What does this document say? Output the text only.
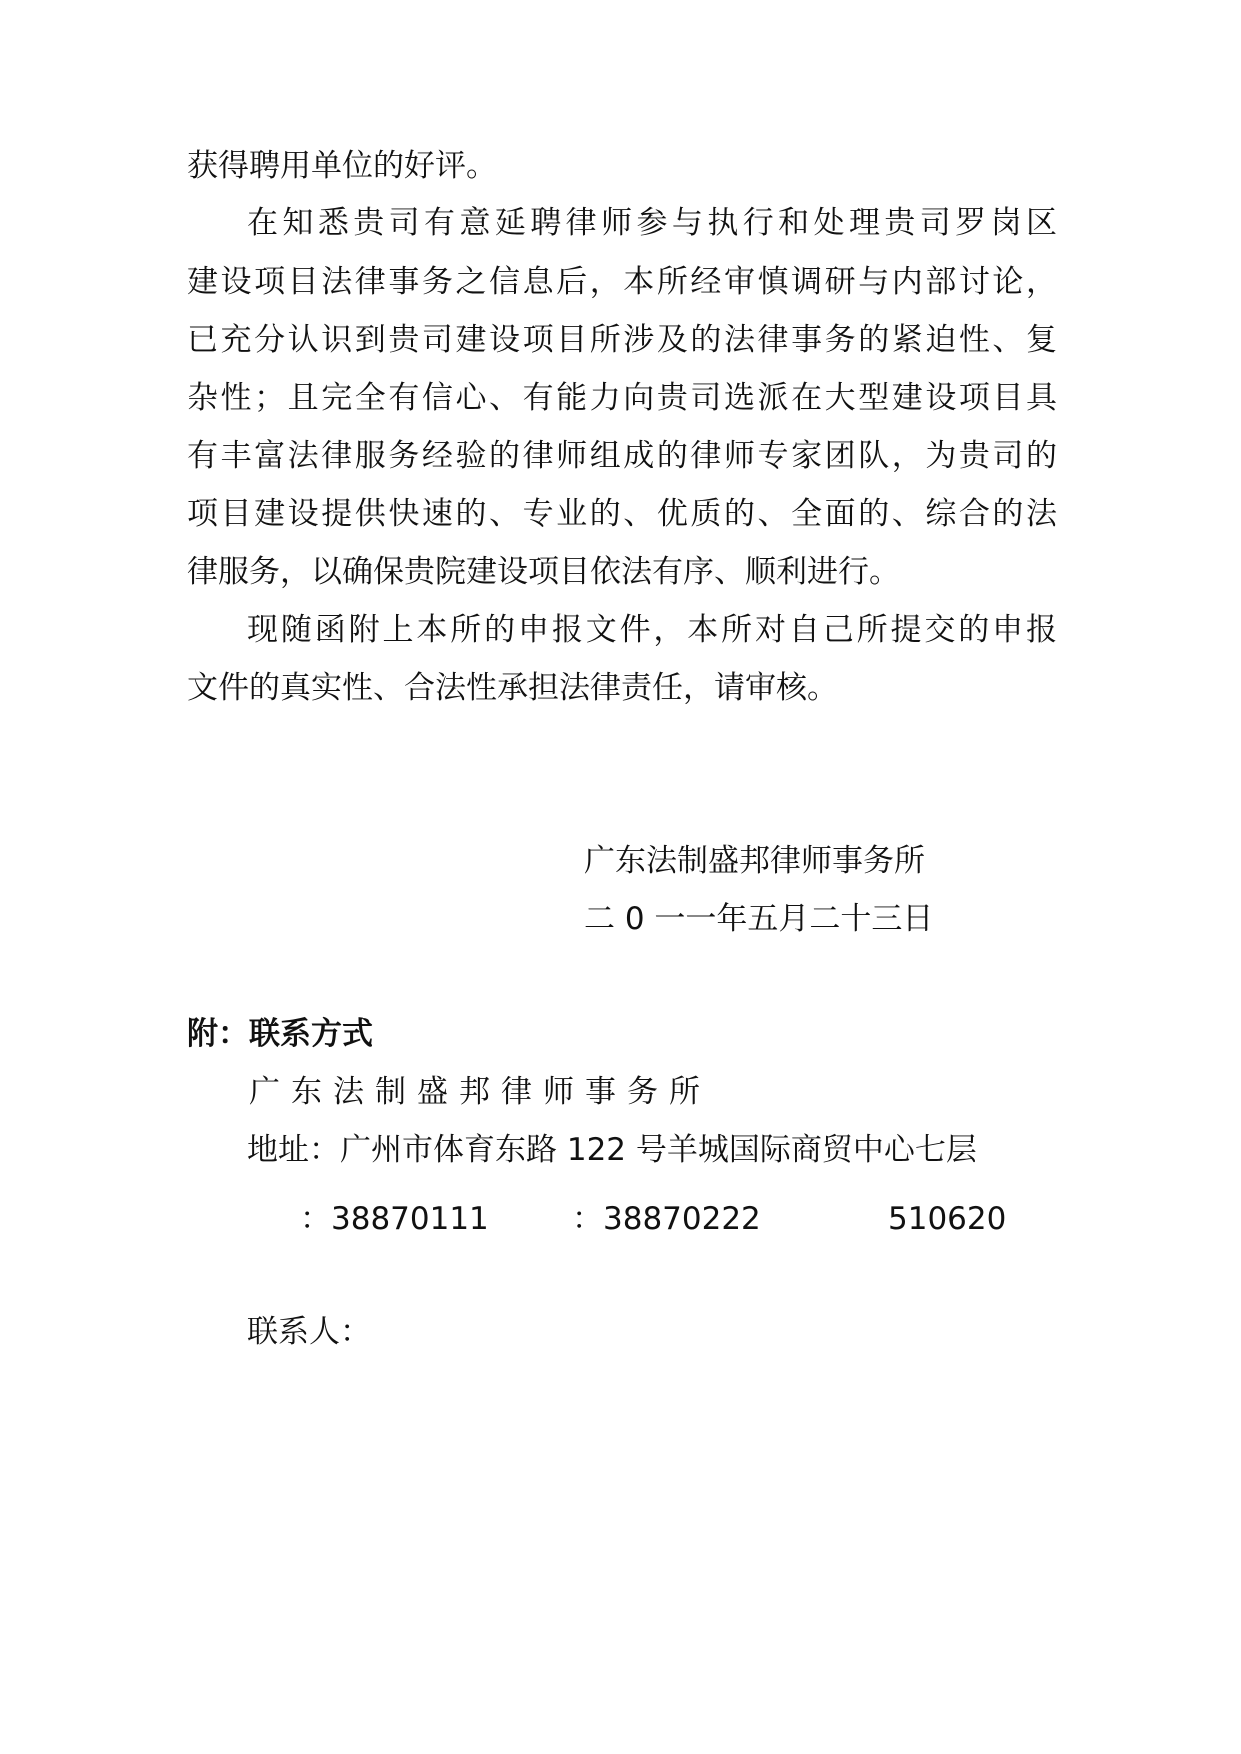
获得聘用单位的好评。
在知悉贵司有意延聘律师参与执行和处理贵司罗岗区
建设项目法律事务之信息后，本所经审慎调研与内部讨论，
已充分认识到贵司建设项目所涉及的法律事务的紧迫性、复
杂性；且完全有信心、有能力向贵司选派在大型建设项目具
有丰富法律服务经验的律师组成的律师专家团队，为贵司的
项目建设提供快速的、专业的、优质的、全面的、综合的法
律服务，以确保贵院建设项目依法有序、顺利进行。
现随函附上本所的申报文件，本所对自己所提交的申报
文件的真实性、合法性承担法律责任，请审核。
广东法制盛邦律师事务所
二 0 一一年五月二十三日
附：联系方式
广东法制盛邦律师事务所
地址：广州市体育东路 122 号羊城国际商贸中心七层
：38870111	：38870222	510620
联系人：
